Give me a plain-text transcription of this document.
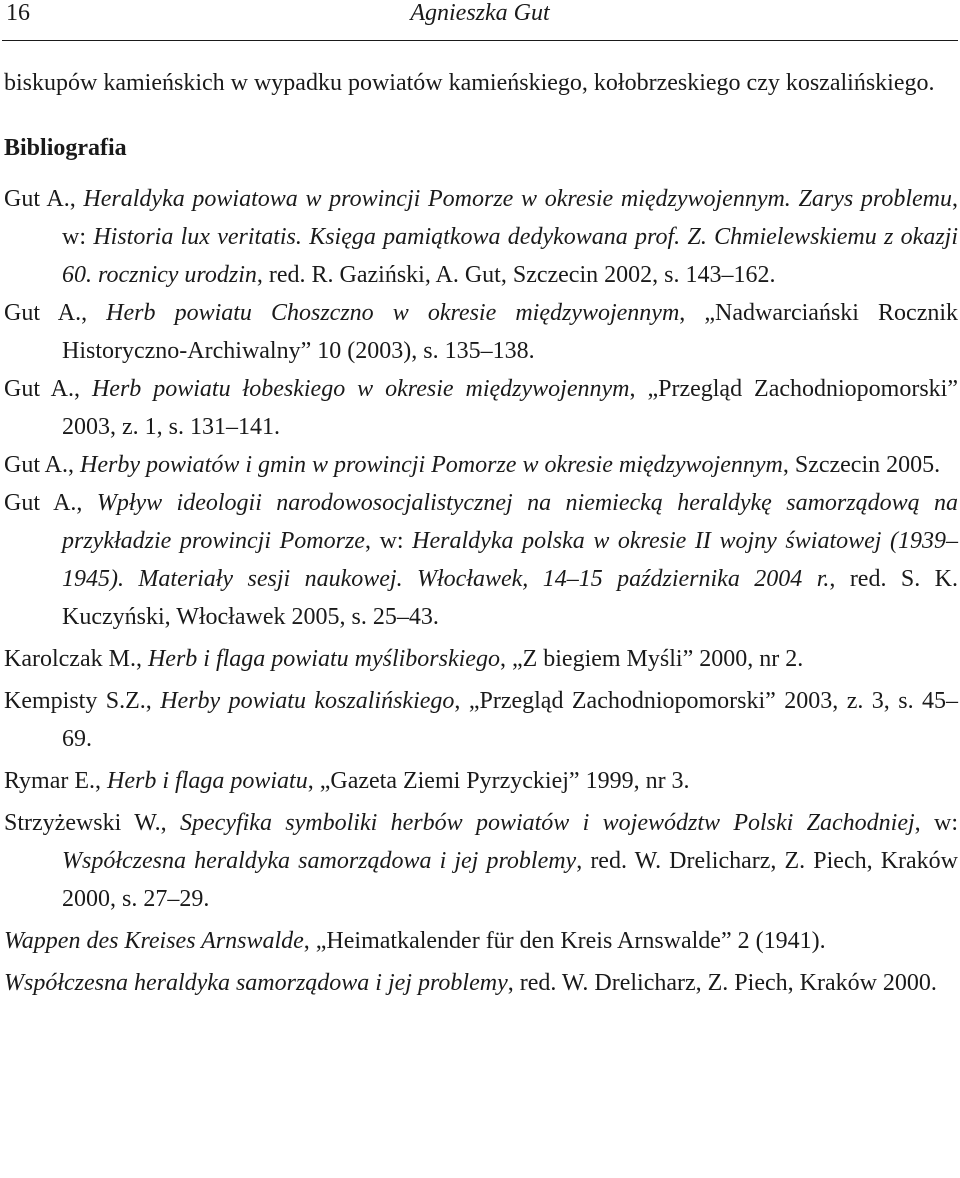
16	Agnieszka Gut

biskupów kamieńskich w wypadku powiatów kamieńskiego, kołobrzeskiego czy koszalińskiego.

Bibliografia
Gut A., Heraldyka powiatowa w prowincji Pomorze w okresie międzywojennym. Zarys problemu, w: Historia lux veritatis. Księga pamiątkowa dedykowana prof. Z. Chmielewskiemu z okazji 60. rocznicy urodzin, red. R. Gaziński, A. Gut, Szczecin 2002, s. 143–162.
Gut A., Herb powiatu Choszczno w okresie międzywojennym, „Nadwarciański Rocznik Historyczno-Archiwalny” 10 (2003), s. 135–138.
Gut A., Herb powiatu łobeskiego w okresie międzywojennym, „Przegląd Zachodniopomorski” 2003, z. 1, s. 131–141.
Gut A., Herby powiatów i gmin w prowincji Pomorze w okresie międzywojennym, Szczecin 2005.
Gut A., Wpływ ideologii narodowosocjalistycznej na niemiecką heraldykę samorządową na przykładzie prowincji Pomorze, w: Heraldyka polska w okresie II wojny światowej (1939–1945). Materiały sesji naukowej. Włocławek, 14–15 października 2004 r., red. S. K. Kuczyński, Włocławek 2005, s. 25–43.
Karolczak M., Herb i flaga powiatu myśliborskiego, „Z biegiem Myśli” 2000, nr 2.
Kempisty S.Z., Herby powiatu koszalińskiego, „Przegląd Zachodniopomorski” 2003, z. 3, s. 45–69.
Rymar E., Herb i flaga powiatu, „Gazeta Ziemi Pyrzyckiej” 1999, nr 3.
Strzyżewski W., Specyfika symboliki herbów powiatów i województw Polski Zachodniej, w: Współczesna heraldyka samorządowa i jej problemy, red. W. Drelicharz, Z. Piech, Kraków 2000, s. 27–29.
Wappen des Kreises Arnswalde, „Heimatkalender für den Kreis Arnswalde” 2 (1941).
Współczesna heraldyka samorządowa i jej problemy, red. W. Drelicharz, Z. Piech, Kraków 2000.
